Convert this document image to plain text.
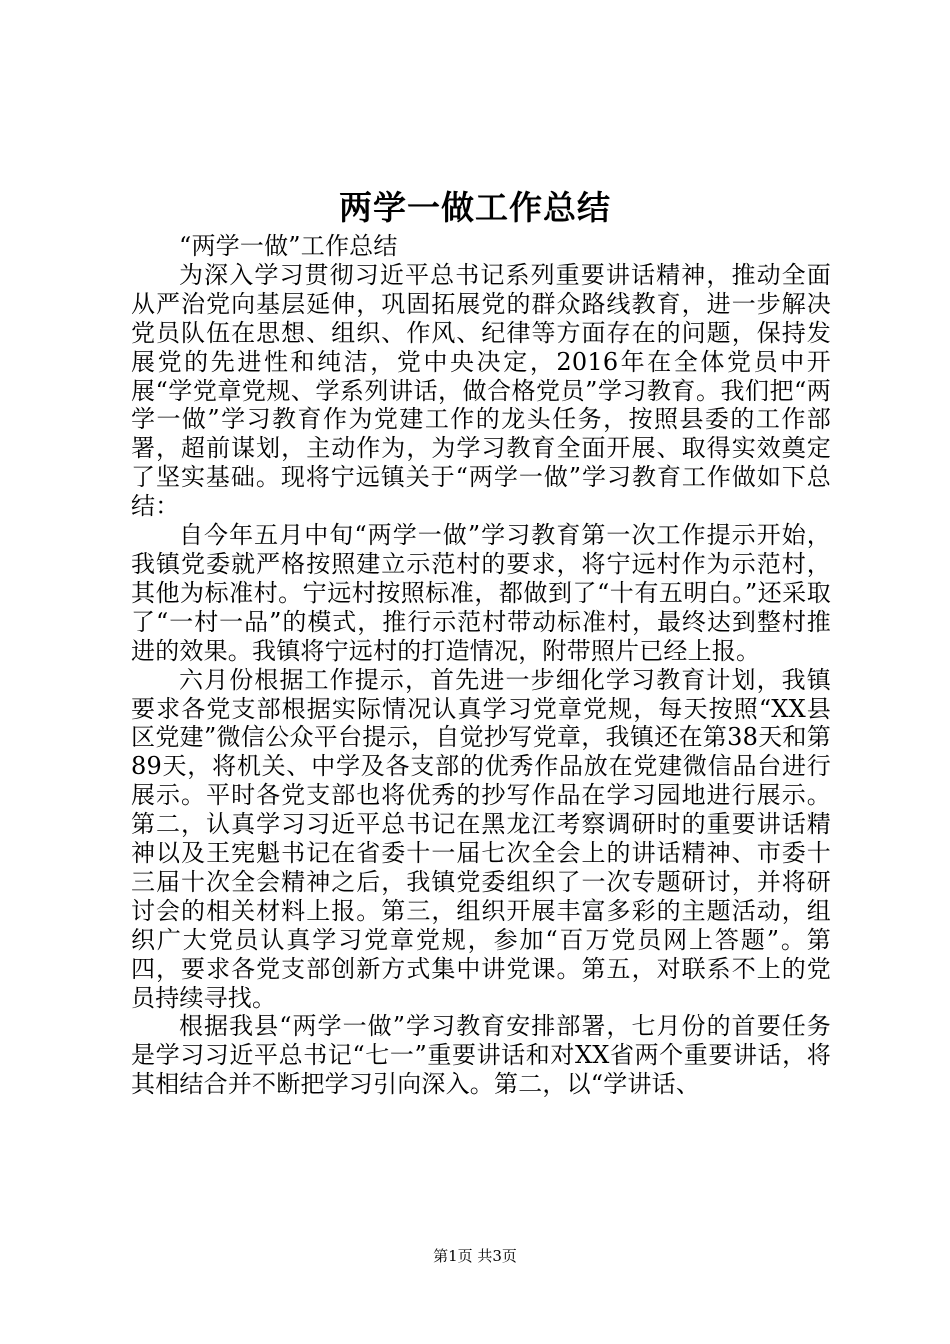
两学一做工作总结

“两学一做”工作总结

为深入学习贯彻习近平总书记系列重要讲话精神，推动全面从严治党向基层延伸，巩固拓展党的群众路线教育，进一步解决党员队伍在思想、组织、作风、纪律等方面存在的问题，保持发展党的先进性和纯洁，党中央决定，2016年在全体党员中开展“学党章党规、学系列讲话，做合格党员”学习教育。我们把“两学一做”学习教育作为党建工作的龙头任务，按照县委的工作部署，超前谋划，主动作为，为学习教育全面开展、取得实效奠定了坚实基础。现将宁远镇关于“两学一做”学习教育工作做如下总结：

自今年五月中旬“两学一做”学习教育第一次工作提示开始，我镇党委就严格按照建立示范村的要求，将宁远村作为示范村，其他为标准村。宁远村按照标准，都做到了“十有五明白。”还采取了“一村一品”的模式，推行示范村带动标准村，最终达到整村推进的效果。我镇将宁远村的打造情况，附带照片已经上报。

六月份根据工作提示，首先进一步细化学习教育计划，我镇要求各党支部根据实际情况认真学习党章党规，每天按照“XX县区党建”微信公众平台提示，自觉抄写党章，我镇还在第38天和第89天，将机关、中学及各支部的优秀作品放在党建微信品台进行展示。平时各党支部也将优秀的抄写作品在学习园地进行展示。第二，认真学习习近平总书记在黑龙江考察调研时的重要讲话精神以及王宪魁书记在省委十一届七次全会上的讲话精神、市委十三届十次全会精神之后，我镇党委组织了一次专题研讨，并将研讨会的相关材料上报。第三，组织开展丰富多彩的主题活动，组织广大党员认真学习党章党规，参加“百万党员网上答题”。第四，要求各党支部创新方式集中讲党课。第五，对联系不上的党员持续寻找。

根据我县“两学一做”学习教育安排部署，七月份的首要任务是学习习近平总书记“七一”重要讲话和对XX省两个重要讲话，将其相结合并不断把学习引向深入。第二，以“学讲话、

第1页 共3页
